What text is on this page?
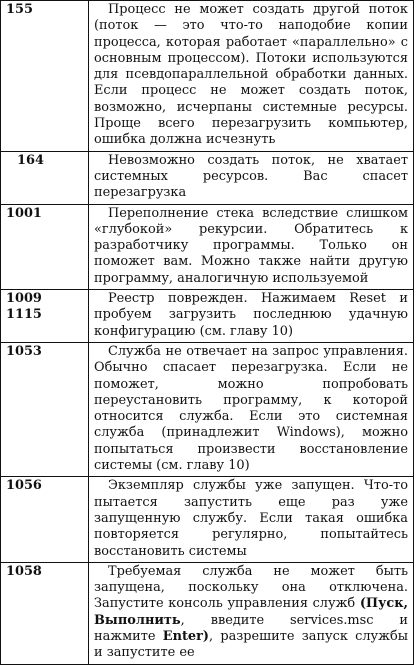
155	Процесс не может создать другой поток (поток — это что-то наподобие копии процесса, которая работает «параллельно» с основным процессом). Потоки используются для псевдопараллельной обработки данных. Если процесс не может создать поток, возможно, исчерпаны системные ресурсы. Проще всего перезагрузить компьютер, ошибка должна исчезнуть

164	Невозможно создать поток, не хватает системных ресурсов. Вас спасет перезагрузка

1001	Переполнение стека вследствие слишком «глубокой» рекурсии. Обратитесь к разработчику программы. Только он поможет вам. Можно также найти другую программу, аналогичную используемой

1009
1115	Реестр поврежден. Нажимаем Reset и пробуем загрузить последнюю удачную конфигурацию (см. главу 10)

1053	Служба не отвечает на запрос управления. Обычно спасает перезагрузка. Если не поможет, можно попробовать переустановить программу, к которой относится служба. Если это системная служба (принадлежит Windows), можно попытаться произвести восстановление системы (см. главу 10)

1056	Экземпляр службы уже запущен. Что-то пытается запустить еще раз уже запущенную службу. Если такая ошибка повторяется регулярно, попытайтесь восстановить системы

1058	Требуемая служба не может быть запущена, поскольку она отключена. Запустите консоль управления служб (Пуск, Выполнить, введите services.msc и нажмите Enter), разрешите запуск службы и запустите ее
